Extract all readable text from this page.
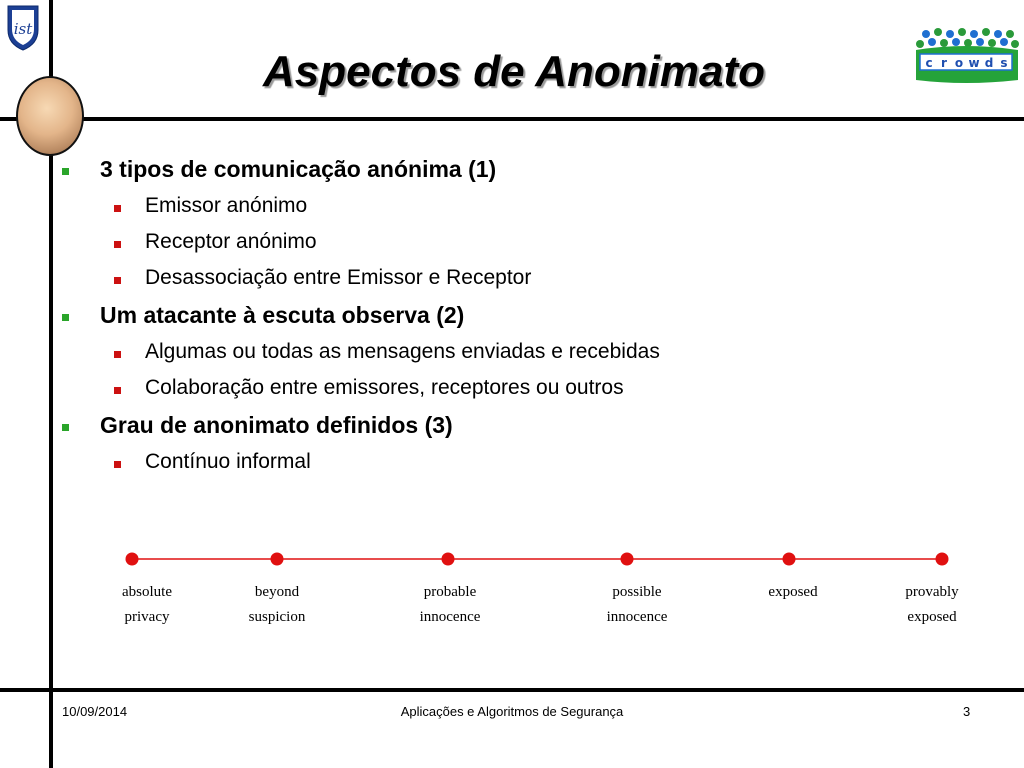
ist
Aspectos de Anonimato	c r o w d s
3 tipos de comunicação anónima (1)
Emissor anónimo
Receptor anónimo
Desassociação entre Emissor e Receptor
Um atacante à escuta observa (2)
Algumas ou todas as mensagens enviadas e recebidas
Colaboração entre emissores, receptores ou outros
Grau de anonimato definidos (3)
Contínuo informal
absolute
privacy
beyond
suspicion
probable
innocence
possible
innocence
exposed	provably
exposed
10/09/2014	Aplicações e Algoritmos de Segurança	3
